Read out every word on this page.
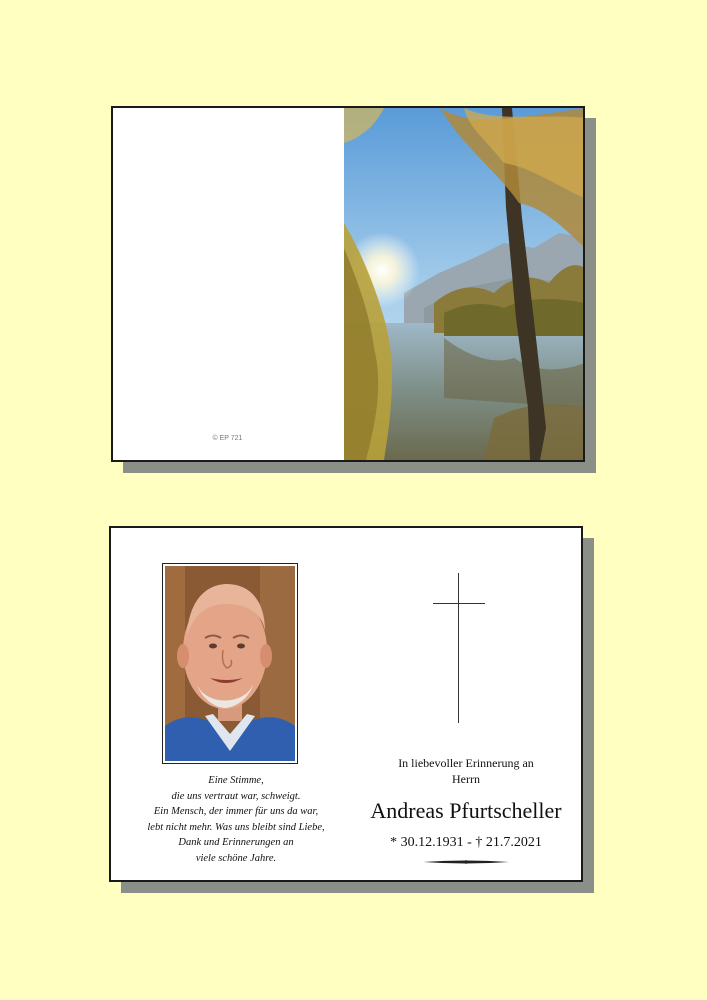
© EP 721
Eine Stimme,
die uns vertraut war, schweigt.
Ein Mensch, der immer für uns da war,
lebt nicht mehr. Was uns bleibt sind Liebe,
Dank und Erinnerungen an
viele schöne Jahre.
In liebevoller Erinnerung an
Herrn
Andreas Pfurtscheller
* 30.12.1931 - † 21.7.2021
